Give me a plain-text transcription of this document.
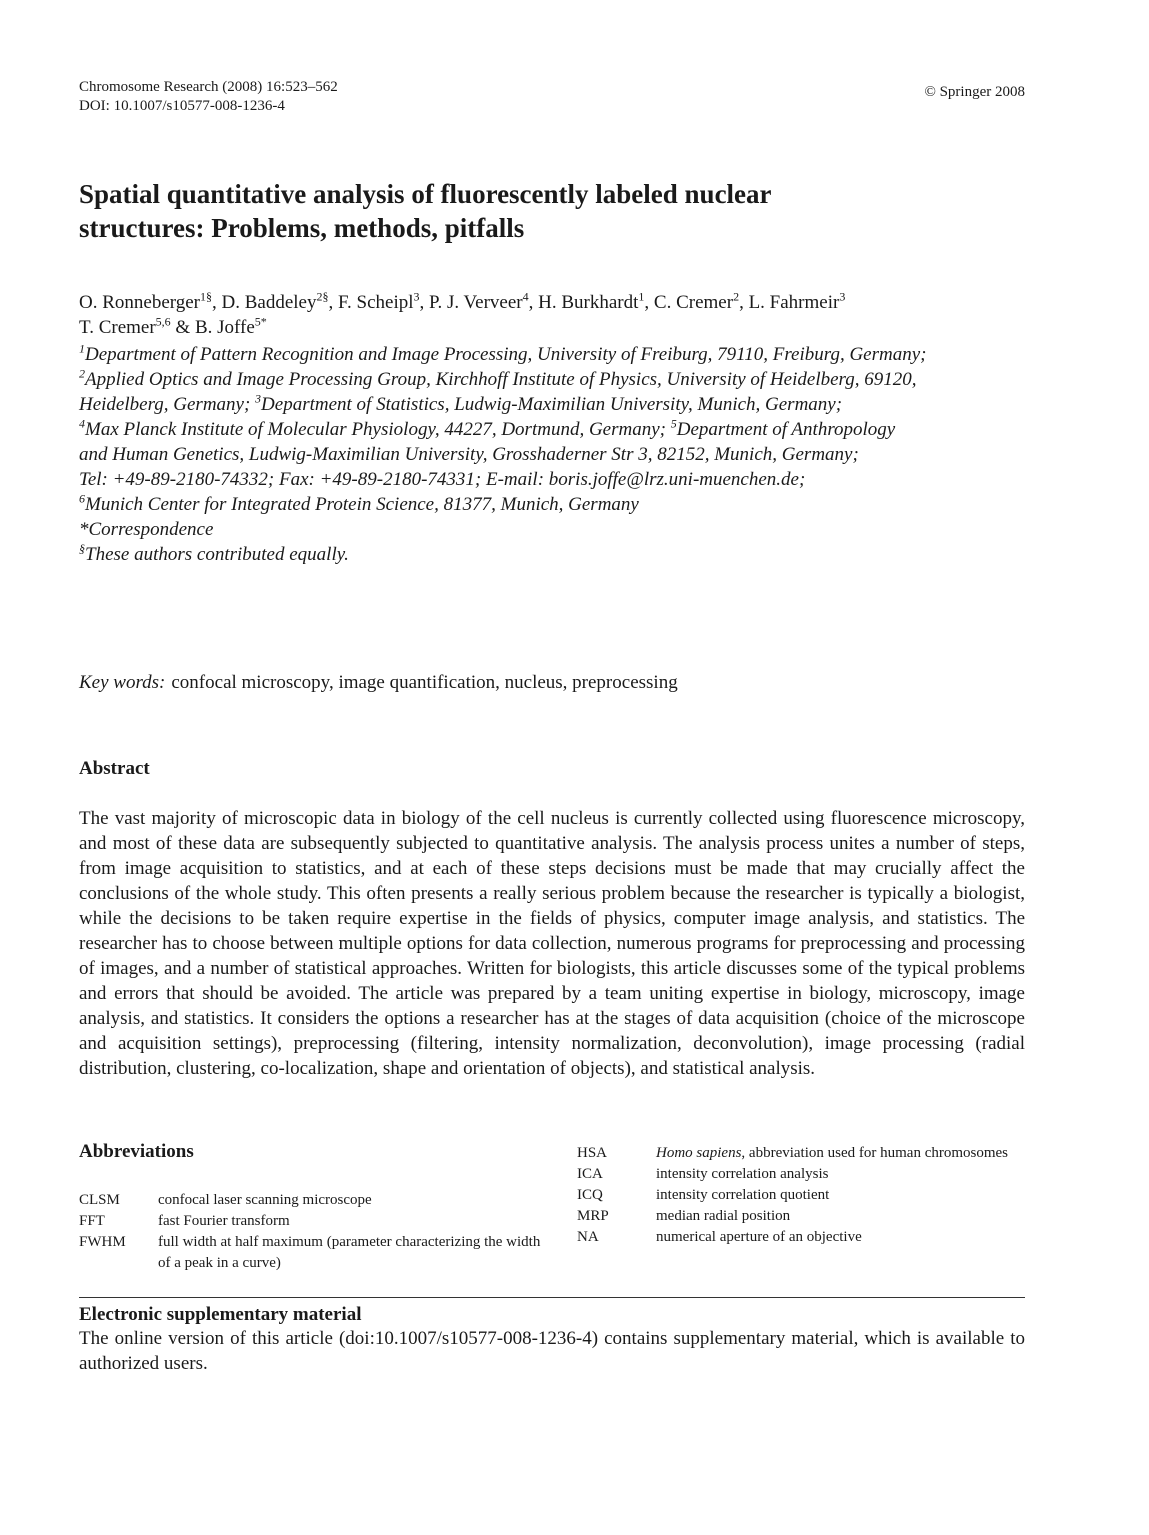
Chromosome Research (2008) 16:523–562
DOI: 10.1007/s10577-008-1236-4
© Springer 2008
Spatial quantitative analysis of fluorescently labeled nuclear
structures: Problems, methods, pitfalls
O. Ronneberger$^{1\S}$, D. Baddeley$^{2\S}$, F. Scheipl$^3$, P. J. Verveer$^4$, H. Burkhardt$^1$, C. Cremer$^2$, L. Fahrmeir$^3$
T. Cremer$^{5,6}$ & B. Joffe$^{5*}$
$^1$Department of Pattern Recognition and Image Processing, University of Freiburg, 79110, Freiburg, Germany;
$^2$Applied Optics and Image Processing Group, Kirchhoff Institute of Physics, University of Heidelberg, 69120,
Heidelberg, Germany; $^3$Department of Statistics, Ludwig-Maximilian University, Munich, Germany;
$^4$Max Planck Institute of Molecular Physiology, 44227, Dortmund, Germany; $^5$Department of Anthropology
and Human Genetics, Ludwig-Maximilian University, Grosshaderner Str 3, 82152, Munich, Germany;
Tel: +49-89-2180-74332; Fax: +49-89-2180-74331; E-mail: boris.joffe@lrz.uni-muenchen.de;
$^6$Munich Center for Integrated Protein Science, 81377, Munich, Germany
*Correspondence
§These authors contributed equally.
Key words: confocal microscopy, image quantification, nucleus, preprocessing
Abstract

The vast majority of microscopic data in biology of the cell nucleus is currently collected using fluorescence microscopy, and most of these data are subsequently subjected to quantitative analysis. The analysis process unites a number of steps, from image acquisition to statistics, and at each of these steps decisions must be made that may crucially affect the conclusions of the whole study. This often presents a really serious problem because the researcher is typically a biologist, while the decisions to be taken require expertise in the fields of physics, computer image analysis, and statistics. The researcher has to choose between multiple options for data collection, numerous programs for preprocessing and processing of images, and a number of statistical approaches. Written for biologists, this article discusses some of the typical problems and errors that should be avoided. The article was prepared by a team uniting expertise in biology, microscopy, image analysis, and statistics. It considers the options a researcher has at the stages of data acquisition (choice of the microscope and acquisition settings), preprocessing (filtering, intensity normalization, deconvolution), image processing (radial distribution, clustering, co-localization, shape and orientation of objects), and statistical analysis.

Abbreviations
CLSM	confocal laser scanning microscope
FFT	fast Fourier transform
FWHM	full width at half maximum (parameter characterizing the width of a peak in a curve)
HSA	Homo sapiens, abbreviation used for human chromosomes
ICA	intensity correlation analysis
ICQ	intensity correlation quotient
MRP	median radial position
NA	numerical aperture of an objective
Electronic supplementary material

The online version of this article (doi:10.1007/s10577-008-1236-4) contains supplementary material, which is available to authorized users.
